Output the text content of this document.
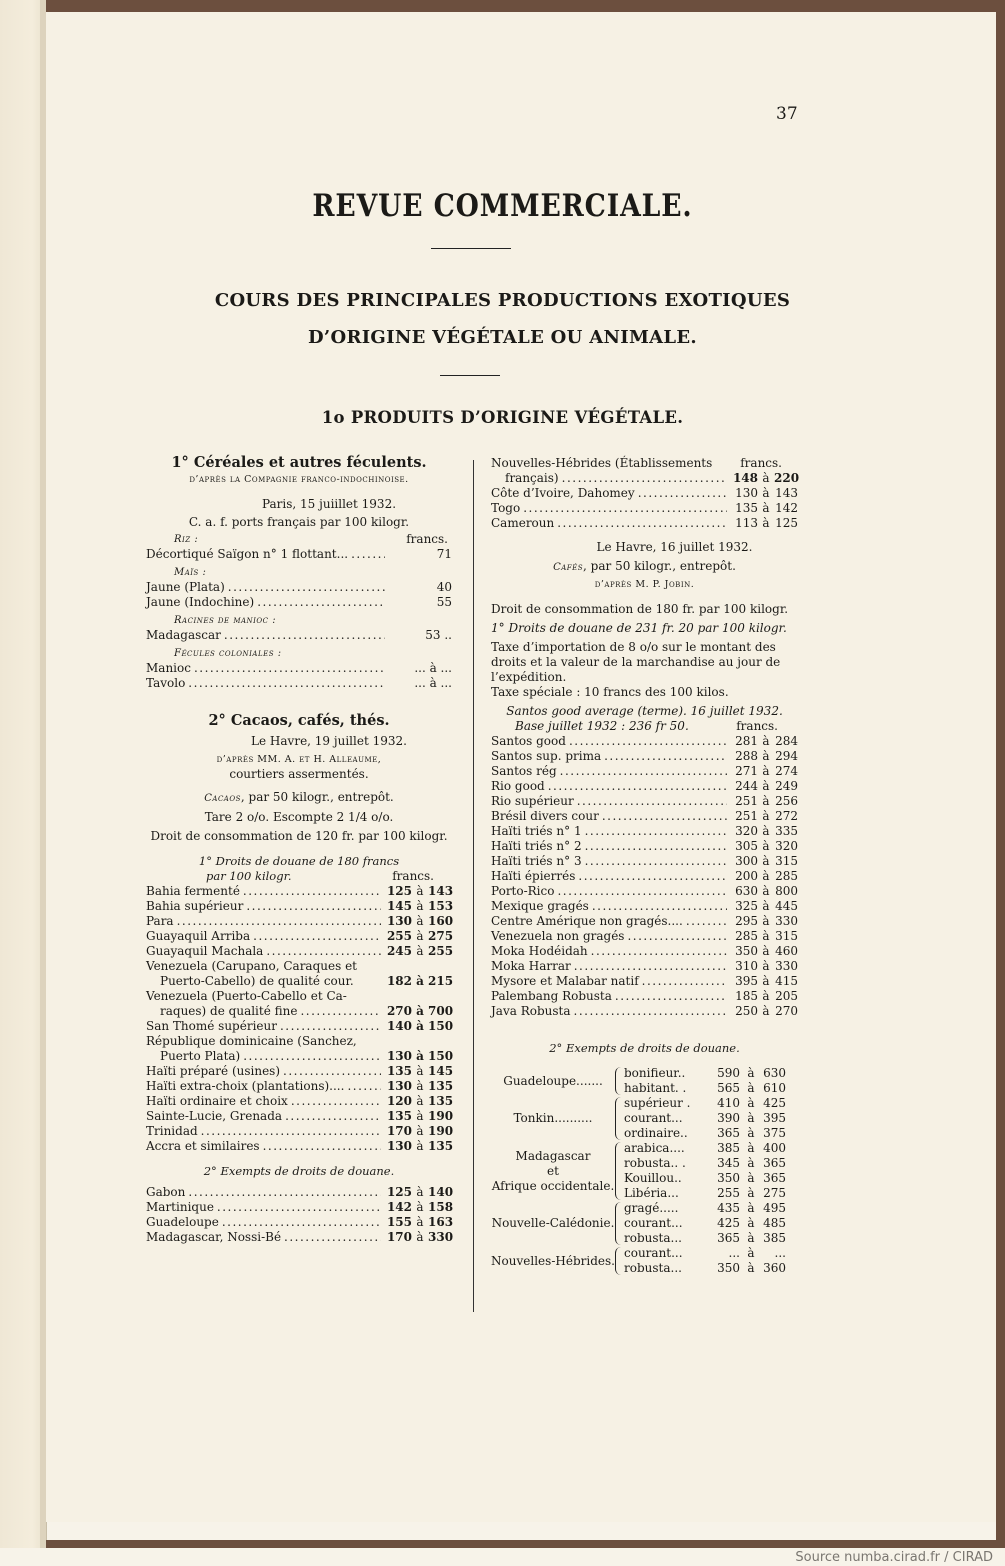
Source numba.cirad.fr / CIRAD
37
REVUE COMMERCIALE.
COURS DES PRINCIPALES PRODUCTIONS EXOTIQUES
D’ORIGINE VÉGÉTALE OU ANIMALE.
1o PRODUITS D’ORIGINE VÉGÉTALE.
1° Céréales et autres féculents.
d’après la Compagnie franco-indochinoise.
Paris, 15 juiillet 1932.
C. a. f. ports français par 100 kilogr.
Riz :	francs.
Décortiqué Saïgon n° 1 flottant... .....	71
Maïs :
Jaune (Plata) .....	40
Jaune (Indochine) .....	55
Racines de manioc :
Madagascar .....	53 ..
Fécules coloniales :
Manioc .....	... à ...
Tavolo .....	... à ...
2° Cacaos, cafés, thés.
Le Havre, 19 juillet 1932.
d’après MM. A. et H. Alleaume,
courtiers assermentés.
Cacaos, par 50 kilogr., entrepôt.
Tare 2 o/o. Escompte 2 1/4 o/o.
Droit de consommation de 120 fr. par 100 kilogr.
1° Droits de douane de 180 francs
par 100 kilogr.	francs.
Bahia fermenté .....	125 à 143
Bahia supérieur .....	145 à 153
Para .....	130 à 160
Guayaquil Arriba .....	255 à 275
Guayaquil Machala .....	245 à 255
Venezuela (Carupano, Caraques et
Puerto-Cabello) de qualité cour.	182 à 215
Venezuela (Puerto-Cabello et Ca-
raques) de qualité fine .....	270 à 700
San Thomé supérieur .....	140 à 150
République dominicaine (Sanchez,
Puerto Plata) .....	130 à 150
Haïti préparé (usines) .....	135 à 145
Haïti extra-choix (plantations).... .....	130 à 135
Haïti ordinaire et choix .....	120 à 135
Sainte-Lucie, Grenada .....	135 à 190
Trinidad .....	170 à 190
Accra et similaires .....	130 à 135
2° Exempts de droits de douane.
Gabon .....	125 à 140
Martinique .....	142 à 158
Guadeloupe .....	155 à 163
Madagascar, Nossi-Bé .....	170 à 330
Nouvelles-Hébrides (Établissements francs.
français) .....	148 à 220
Côte d’Ivoire, Dahomey .....	130 à 143
Togo .....	135 à 142
Cameroun .....	113 à 125
Le Havre, 16 juillet 1932.
Cafés, par 50 kilogr., entrepôt.
d’après M. P. Jobin.
Droit de consommation de 180 fr. par 100 kilogr.
1° Droits de douane de 231 fr. 20 par 100 kilogr.
Taxe d’importation de 8 o/o sur le montant des droits et la valeur de la marchandise au jour de l’expédition.
Taxe spéciale : 10 francs des 100 kilos.
Santos good average (terme). 16 juillet 1932.
Base juillet 1932 : 236 fr 50.	francs.
Santos good .....	281 à 284
Santos sup. prima .....	288 à 294
Santos rég .....	271 à 274
Rio good .....	244 à 249
Rio supérieur .....	251 à 256
Brésil divers cour .....	251 à 272
Haïti triés n° 1 .....	320 à 335
Haïti triés n° 2 .....	305 à 320
Haïti triés n° 3 .....	300 à 315
Haïti épierrés .....	200 à 285
Porto-Rico .....	630 à 800
Mexique gragés .....	325 à 445
Centre Amérique non gragés.... .....	295 à 330
Venezuela non gragés .....	285 à 315
Moka Hodéidah .....	350 à 460
Moka Harrar .....	310 à 330
Mysore et Malabar natif .....	395 à 415
Palembang Robusta .....	185 à 205
Java Robusta .....	250 à 270
2° Exempts de droits de douane.
Guadeloupe.......
bonifieur..	590 à 630
habitant. .	565 à 610
Tonkin..........
supérieur .	410 à 425
courant...	390 à 395
ordinaire..	365 à 375
Madagascar
et
Afrique occidentale.
arabica....	385 à 400
robusta.. .	345 à 365
Kouillou..	350 à 365
Libéria...	255 à 275
Nouvelle-Calédonie.
gragé.....	435 à 495
courant...	425 à 485
robusta...	365 à 385
Nouvelles-Hébrides.
courant...	... à	...
robusta...	350 à 360
